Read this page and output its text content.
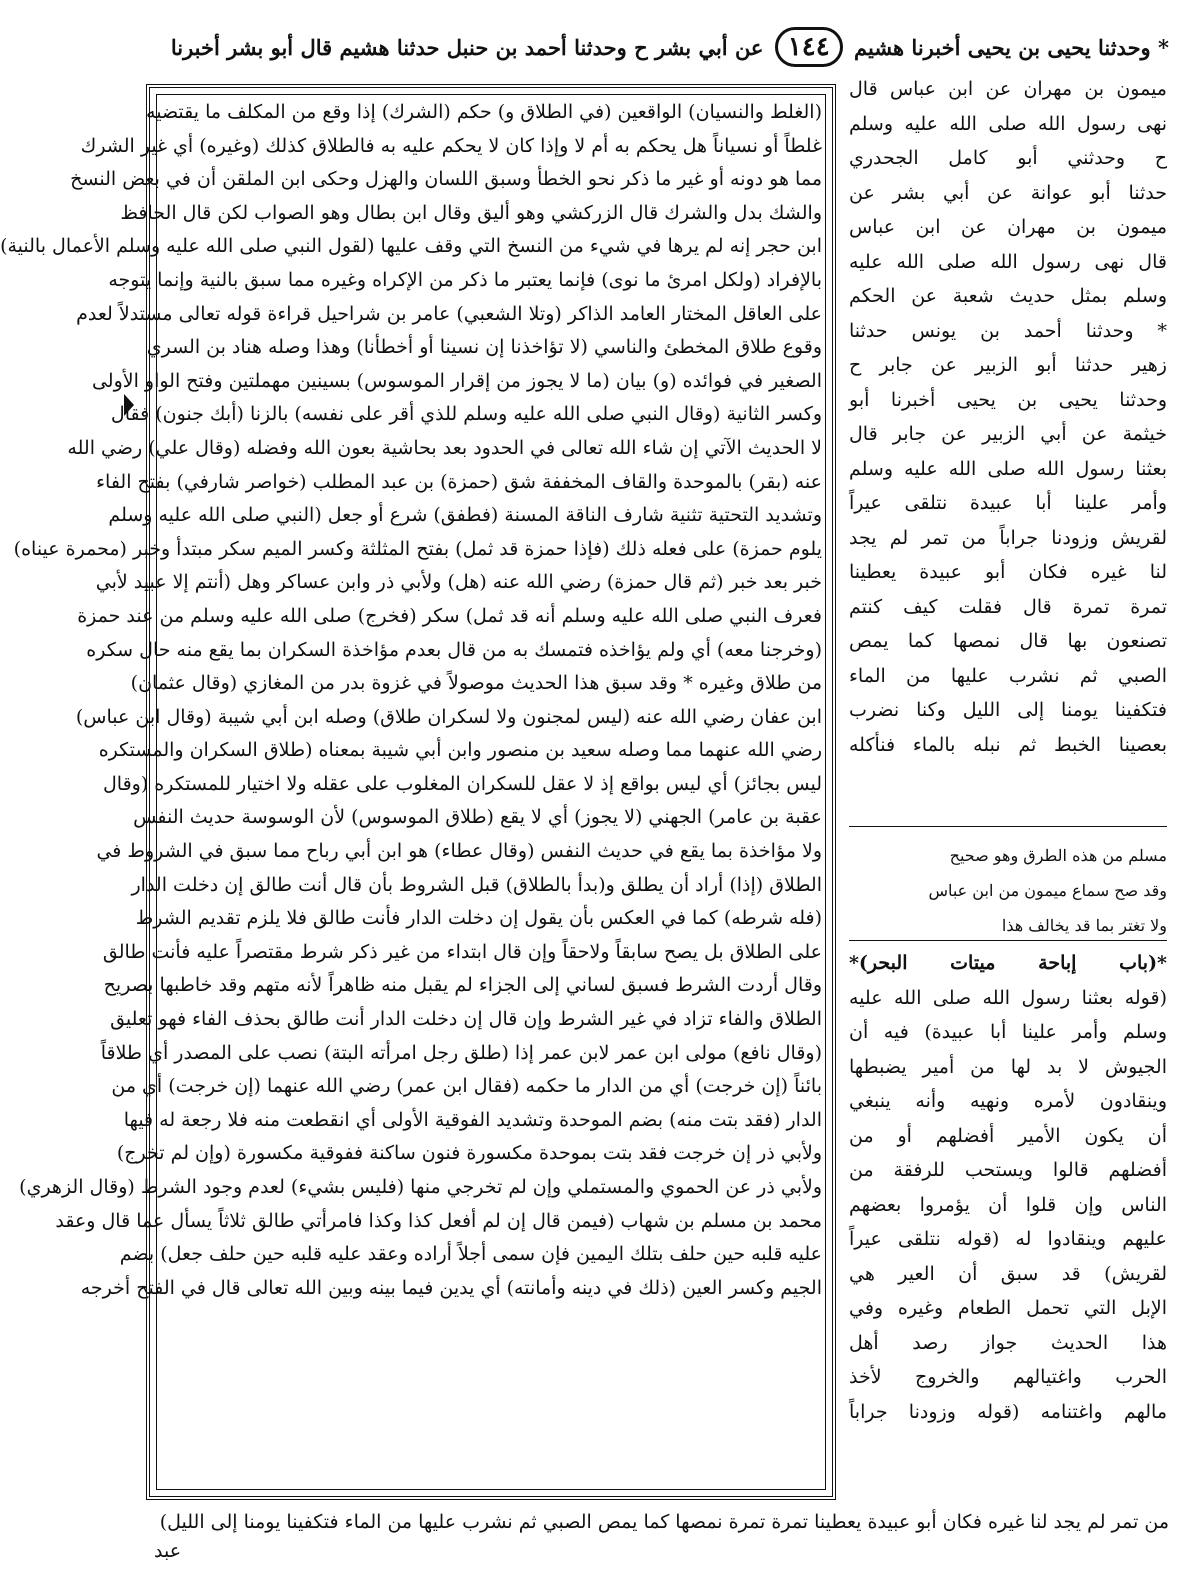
* وحدثنا يحيى بن يحيى أخبرنا هشيم ١٤٤ عن أبي بشر ح وحدثنا أحمد بن حنبل حدثنا هشيم قال أبو بشر أخبرنا

(الغلط والنسيان) الواقعين (في الطلاق و) حكم (الشرك) إذا وقع من المكلف ما يقتضيه

غلطاً أو نسياناً هل يحكم به أم لا وإذا كان لا يحكم عليه به فالطلاق كذلك (وغيره) أي غير الشرك

مما هو دونه أو غير ما ذكر نحو الخطأ وسبق اللسان والهزل وحكى ابن الملقن أن في بعض النسخ

والشك بدل والشرك قال الزركشي وهو أليق وقال ابن بطال وهو الصواب لكن قال الحافظ

ابن حجر إنه لم يرها في شيء من النسخ التي وقف عليها (لقول النبي صلى الله عليه وسلم الأعمال بالنية)

بالإفراد (ولكل امرئ ما نوى) فإنما يعتبر ما ذكر من الإكراه وغيره مما سبق بالنية وإنما يتوجه

على العاقل المختار العامد الذاكر (وتلا الشعبي) عامر بن شراحيل قراءة قوله تعالى مستدلاً لعدم

وقوع طلاق المخطئ والناسي (لا تؤاخذنا إن نسينا أو أخطأنا) وهذا وصله هناد بن السري

الصغير في فوائده (و) بيان (ما لا يجوز من إقرار الموسوس) بسينين مهملتين وفتح الواو الأولى

وكسر الثانية (وقال النبي صلى الله عليه وسلم للذي أقر على نفسه) بالزنا (أبك جنون) فقال

لا الحديث الآتي إن شاء الله تعالى في الحدود بعد بحاشية بعون الله وفضله (وقال علي) رضي الله

عنه (بقر) بالموحدة والقاف المخففة شق (حمزة) بن عبد المطلب (خواصر شارفي) بفتح الفاء

وتشديد التحتية تثنية شارف الناقة المسنة (فطفق) شرع أو جعل (النبي صلى الله عليه وسلم

يلوم حمزة) على فعله ذلك (فإذا حمزة قد ثمل) بفتح المثلثة وكسر الميم سكر مبتدأ وخبر (محمرة عيناه)

خبر بعد خبر (ثم قال حمزة) رضي الله عنه (هل) ولأبي ذر وابن عساكر وهل (أنتم إلا عبيد لأبي

فعرف النبي صلى الله عليه وسلم أنه قد ثمل) سكر (فخرج) صلى الله عليه وسلم من عند حمزة

(وخرجنا معه) أي ولم يؤاخذه فتمسك به من قال بعدم مؤاخذة السكران بما يقع منه حال سكره

من طلاق وغيره * وقد سبق هذا الحديث موصولاً في غزوة بدر من المغازي (وقال عثمان)

ابن عفان رضي الله عنه (ليس لمجنون ولا لسكران طلاق) وصله ابن أبي شيبة (وقال ابن عباس)

رضي الله عنهما مما وصله سعيد بن منصور وابن أبي شيبة بمعناه (طلاق السكران والمستكره

ليس بجائز) أي ليس بواقع إذ لا عقل للسكران المغلوب على عقله ولا اختيار للمستكره (وقال

عقبة بن عامر) الجهني (لا يجوز) أي لا يقع (طلاق الموسوس) لأن الوسوسة حديث النفس

ولا مؤاخذة بما يقع في حديث النفس (وقال عطاء) هو ابن أبي رباح مما سبق في الشروط في

الطلاق (إذا) أراد أن يطلق و(بدأ بالطلاق) قبل الشروط بأن قال أنت طالق إن دخلت الدار

(فله شرطه) كما في العكس بأن يقول إن دخلت الدار فأنت طالق فلا يلزم تقديم الشرط

على الطلاق بل يصح سابقاً ولاحقاً وإن قال ابتداء من غير ذكر شرط مقتصراً عليه فأنت طالق

وقال أردت الشرط فسبق لساني إلى الجزاء لم يقبل منه ظاهراً لأنه متهم وقد خاطبها بصريح

الطلاق والفاء تزاد في غير الشرط وإن قال إن دخلت الدار أنت طالق بحذف الفاء فهو تعليق

(وقال نافع) مولى ابن عمر لابن عمر إذا (طلق رجل امرأته البتة) نصب على المصدر أي طلاقاً

بائناً (إن خرجت) أي من الدار ما حكمه (فقال ابن عمر) رضي الله عنهما (إن خرجت) أي من

الدار (فقد بتت منه) بضم الموحدة وتشديد الفوقية الأولى أي انقطعت منه فلا رجعة له فيها

ولأبي ذر إن خرجت فقد بتت بموحدة مكسورة فنون ساكنة ففوقية مكسورة (وإن لم تخرج)

ولأبي ذر عن الحموي والمستملي وإن لم تخرجي منها (فليس بشيء) لعدم وجود الشرط (وقال الزهري)

محمد بن مسلم بن شهاب (فيمن قال إن لم أفعل كذا وكذا فامرأتي طالق ثلاثاً يسأل عما قال وعقد

عليه قلبه حين حلف بتلك اليمين فإن سمى أجلاً أراده وعقد عليه قلبه حين حلف جعل) بضم

الجيم وكسر العين (ذلك في دينه وأمانته) أي يدين فيما بينه وبين الله تعالى قال في الفتح أخرجه

ميمون بن مهران عن ابن عباس قال

نهى رسول الله صلى الله عليه وسلم

ح وحدثني أبو كامل الجحدري

حدثنا أبو عوانة عن أبي بشر عن

ميمون بن مهران عن ابن عباس

قال نهى رسول الله صلى الله عليه

وسلم بمثل حديث شعبة عن الحكم

* وحدثنا أحمد بن يونس حدثنا

زهير حدثنا أبو الزبير عن جابر ح

وحدثنا يحيى بن يحيى أخبرنا أبو

خيثمة عن أبي الزبير عن جابر قال

بعثنا رسول الله صلى الله عليه وسلم

وأمر علينا أبا عبيدة نتلقى عيراً

لقريش وزودنا جراباً من تمر لم يجد

لنا غيره فكان أبو عبيدة يعطينا

تمرة تمرة قال فقلت كيف كنتم

تصنعون بها قال نمصها كما يمص

الصبي ثم نشرب عليها من الماء

فتكفينا يومنا إلى الليل وكنا نضرب

بعصينا الخبط ثم نبله بالماء فنأكله

مسلم من هذه الطرق وهو صحيح

وقد صح سماع ميمون من ابن عباس

ولا تغتر بما قد يخالف هذا

*(باب إباحة ميتات البحر)*

(قوله بعثنا رسول الله صلى الله عليه

وسلم وأمر علينا أبا عبيدة) فيه أن

الجيوش لا بد لها من أمير يضبطها

وينقادون لأمره ونهيه وأنه ينبغي

أن يكون الأمير أفضلهم أو من

أفضلهم قالوا ويستحب للرفقة من

الناس وإن قلوا أن يؤمروا بعضهم

عليهم وينقادوا له (قوله نتلقى عيراً

لقريش) قد سبق أن العير هي

الإبل التي تحمل الطعام وغيره وفي

هذا الحديث جواز رصد أهل

الحرب واغتيالهم والخروج لأخذ

مالهم واغتنامه (قوله وزودنا جراباً

من تمر لم يجد لنا غيره فكان أبو عبيدة يعطينا تمرة تمرة نمصها كما يمص الصبي ثم نشرب عليها من الماء فتكفينا يومنا إلى الليل)
عبد
